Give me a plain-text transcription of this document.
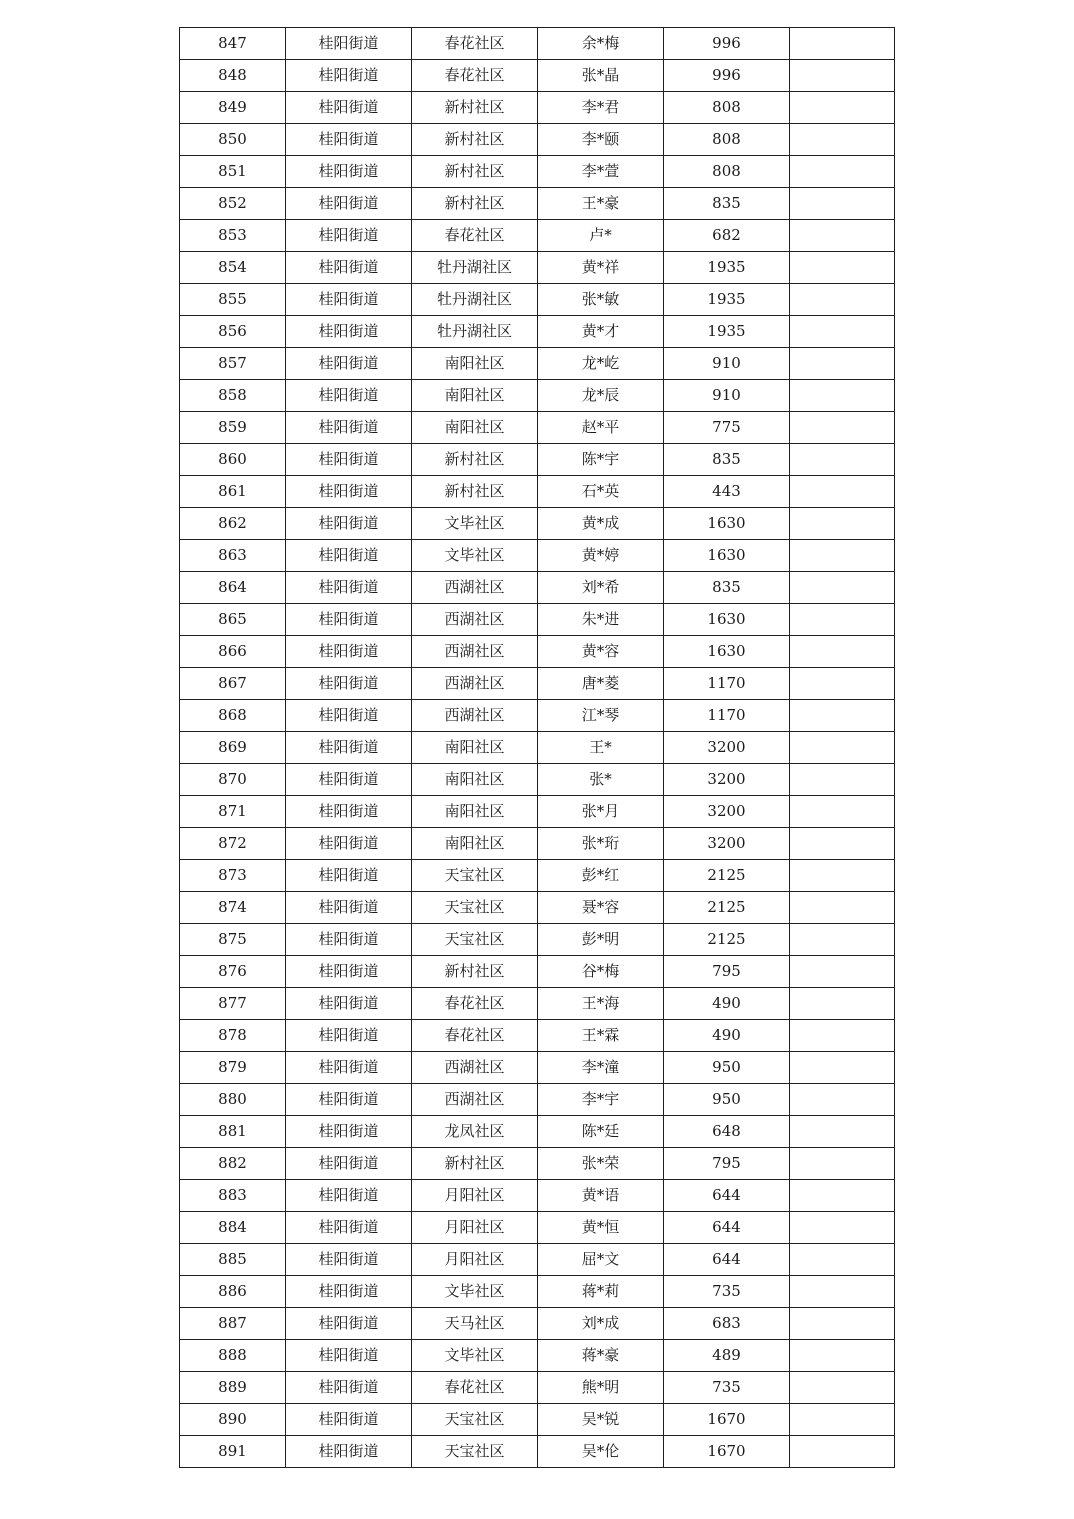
847	桂阳街道	春花社区	余*梅	996	
848	桂阳街道	春花社区	张*晶	996	
849	桂阳街道	新村社区	李*君	808	
850	桂阳街道	新村社区	李*颐	808	
851	桂阳街道	新村社区	李*萱	808	
852	桂阳街道	新村社区	王*豪	835	
853	桂阳街道	春花社区	卢*	682	
854	桂阳街道	牡丹湖社区	黄*祥	1935	
855	桂阳街道	牡丹湖社区	张*敏	1935	
856	桂阳街道	牡丹湖社区	黄*才	1935	
857	桂阳街道	南阳社区	龙*屹	910	
858	桂阳街道	南阳社区	龙*辰	910	
859	桂阳街道	南阳社区	赵*平	775	
860	桂阳街道	新村社区	陈*宇	835	
861	桂阳街道	新村社区	石*英	443	
862	桂阳街道	文毕社区	黄*成	1630	
863	桂阳街道	文毕社区	黄*婷	1630	
864	桂阳街道	西湖社区	刘*希	835	
865	桂阳街道	西湖社区	朱*进	1630	
866	桂阳街道	西湖社区	黄*容	1630	
867	桂阳街道	西湖社区	唐*菱	1170	
868	桂阳街道	西湖社区	江*琴	1170	
869	桂阳街道	南阳社区	王*	3200	
870	桂阳街道	南阳社区	张*	3200	
871	桂阳街道	南阳社区	张*月	3200	
872	桂阳街道	南阳社区	张*珩	3200	
873	桂阳街道	天宝社区	彭*红	2125	
874	桂阳街道	天宝社区	聂*容	2125	
875	桂阳街道	天宝社区	彭*明	2125	
876	桂阳街道	新村社区	谷*梅	795	
877	桂阳街道	春花社区	王*海	490	
878	桂阳街道	春花社区	王*霖	490	
879	桂阳街道	西湖社区	李*潼	950	
880	桂阳街道	西湖社区	李*宇	950	
881	桂阳街道	龙凤社区	陈*廷	648	
882	桂阳街道	新村社区	张*荣	795	
883	桂阳街道	月阳社区	黄*语	644	
884	桂阳街道	月阳社区	黄*恒	644	
885	桂阳街道	月阳社区	屈*文	644	
886	桂阳街道	文毕社区	蒋*莉	735	
887	桂阳街道	天马社区	刘*成	683	
888	桂阳街道	文毕社区	蒋*豪	489	
889	桂阳街道	春花社区	熊*明	735	
890	桂阳街道	天宝社区	吴*锐	1670	
891	桂阳街道	天宝社区	吴*伦	1670	
